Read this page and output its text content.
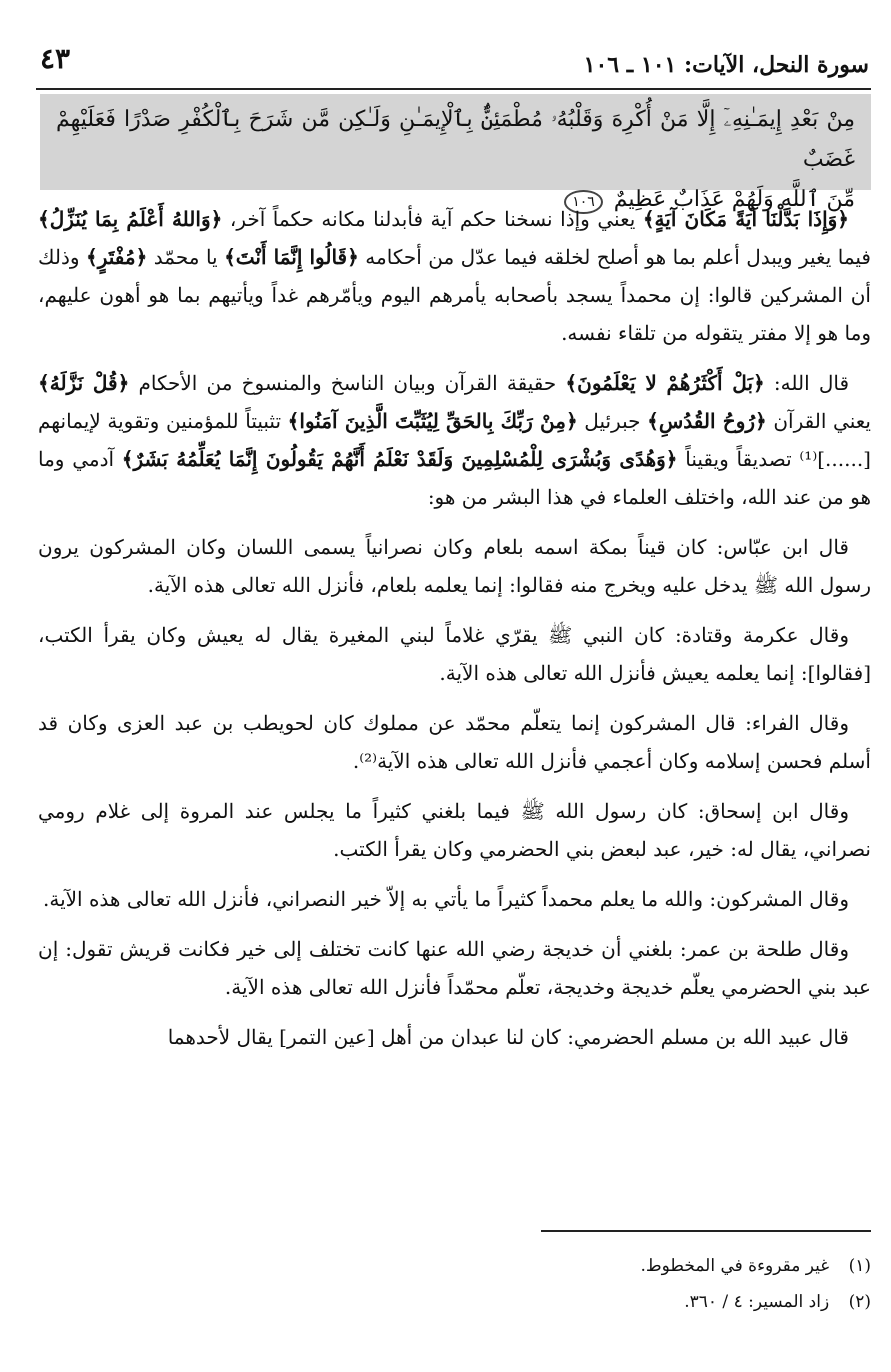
سورة النحل، الآيات: ١٠١ ـ ١٠٦
٤٣

مِنْ بَعْدِ إِيمَـٰنِهِۦٓ إِلَّا مَنْ أُكْرِهَ وَقَلْبُهُۥ مُطْمَئِنٌّۢ بِٱلْإِيمَـٰنِ وَلَـٰكِن مَّن شَرَحَ بِٱلْكُفْرِ صَدْرًا فَعَلَيْهِمْ غَضَبٌ

مِّنَ ٱللَّهِ وَلَهُمْ عَذَابٌ عَظِيمٌ ١٠٦

﴿وَإِذَا بَدَّلْنَا آيَةً مَكَانَ آيَةٍ﴾ يعني وإذا نسخنا حكم آية فأبدلنا مكانه حكماً آخر، ﴿وَاللهُ أَعْلَمُ بِمَا يُنَزِّلُ﴾ فيما يغير ويبدل أعلم بما هو أصلح لخلقه فيما عدّل من أحكامه ﴿قَالُوا إِنَّمَا أَنْتَ﴾ يا محمّد ﴿مُفْتَرٍ﴾ وذلك أن المشركين قالوا: إن محمداً يسجد بأصحابه يأمرهم اليوم ويأمّرهم غداً ويأتيهم بما هو أهون عليهم، وما هو إلا مفتر يتقوله من تلقاء نفسه.

قال الله: ﴿بَلْ أَكْثَرُهُمْ لا يَعْلَمُونَ﴾ حقيقة القرآن وبيان الناسخ والمنسوخ من الأحكام ﴿قُلْ نَزَّلَهُ﴾ يعني القرآن ﴿رُوحُ القُدُسِ﴾ جبرئيل ﴿مِنْ رَبِّكَ بِالحَقِّ لِيُثَبِّتَ الَّذِينَ آمَنُوا﴾ تثبيتاً للمؤمنين وتقوية لإيمانهم [......]⁽¹⁾ تصديقاً ويقيناً ﴿وَهُدًى وَبُشْرَى لِلْمُسْلِمِينَ وَلَقَدْ نَعْلَمُ أَنَّهُمْ يَقُولُونَ إِنَّمَا يُعَلِّمُهُ بَشَرٌ﴾ آدمي وما هو من عند الله، واختلف العلماء في هذا البشر من هو:

قال ابن عبّاس: كان قيناً بمكة اسمه بلعام وكان نصرانياً يسمى اللسان وكان المشركون يرون رسول الله ﷺ يدخل عليه ويخرج منه فقالوا: إنما يعلمه بلعام، فأنزل الله تعالى هذه الآية.

وقال عكرمة وقتادة: كان النبي ﷺ يقرّي غلاماً لبني المغيرة يقال له يعيش وكان يقرأ الكتب، [فقالوا]: إنما يعلمه يعيش فأنزل الله تعالى هذه الآية.

وقال الفراء: قال المشركون إنما يتعلّم محمّد عن مملوك كان لحويطب بن عبد العزى وكان قد أسلم فحسن إسلامه وكان أعجمي فأنزل الله تعالى هذه الآية⁽²⁾.

وقال ابن إسحاق: كان رسول الله ﷺ فيما بلغني كثيراً ما يجلس عند المروة إلى غلام رومي نصراني، يقال له: خير، عبد لبعض بني الحضرمي وكان يقرأ الكتب.

وقال المشركون: والله ما يعلم محمداً كثيراً ما يأتي به إلاّ خير النصراني، فأنزل الله تعالى هذه الآية.

وقال طلحة بن عمر: بلغني أن خديجة رضي الله عنها كانت تختلف إلى خير فكانت قريش تقول: إن عبد بني الحضرمي يعلّم خديجة وخديجة، تعلّم محمّداً فأنزل الله تعالى هذه الآية.

قال عبيد الله بن مسلم الحضرمي: كان لنا عبدان من أهل [عين التمر] يقال لأحدهما

(١) غير مقروءة في المخطوط.
(٢) زاد المسير: ٤ / ٣٦٠.
